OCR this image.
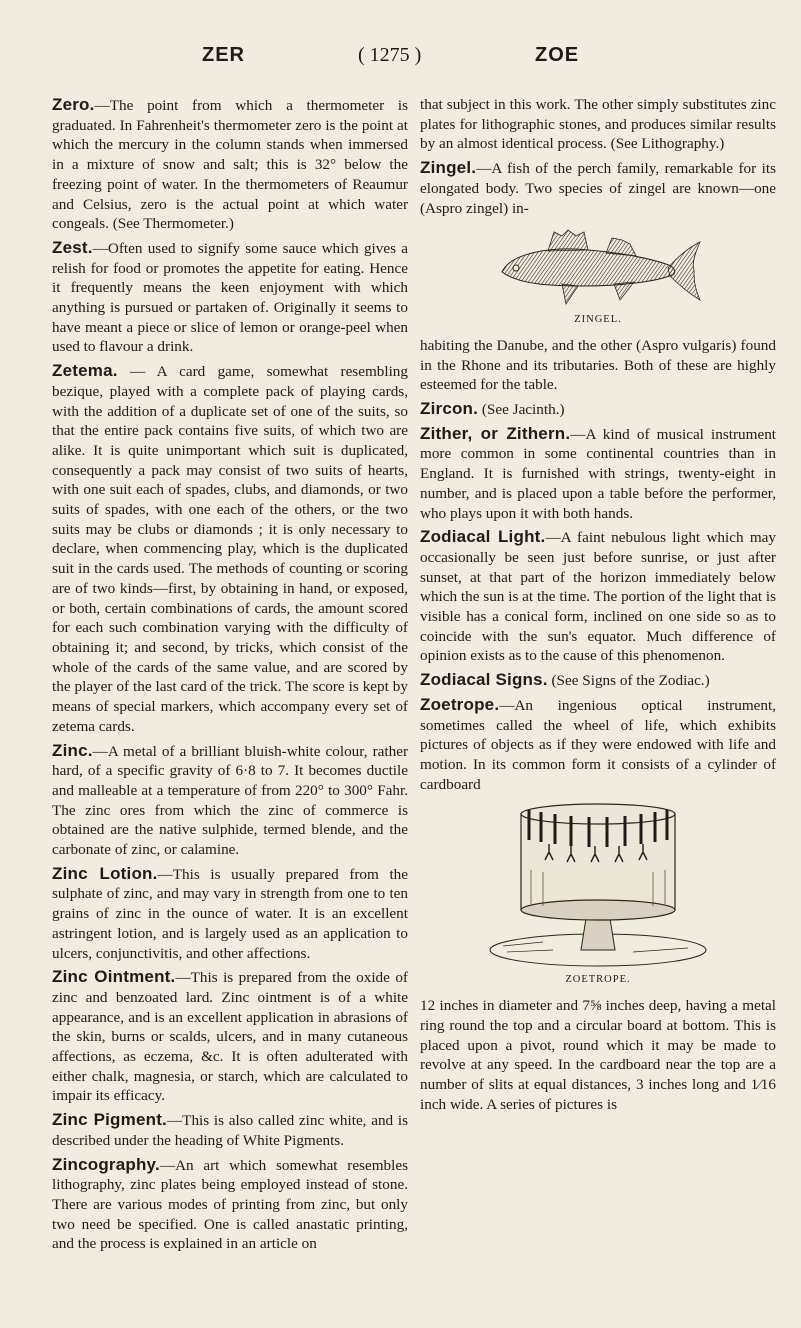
ZER	( 1275 )	ZOE

Zero.—The point from which a thermometer is graduated. In Fahrenheit's thermometer zero is the point at which the mercury in the column stands when immersed in a mixture of snow and salt; this is 32° below the freezing point of water. In the thermometers of Reaumur and Celsius, zero is the actual point at which water congeals. (See Thermometer.)

Zest.—Often used to signify some sauce which gives a relish for food or promotes the appetite for eating. Hence it frequently means the keen enjoyment with which anything is pursued or partaken of. Originally it seems to have meant a piece or slice of lemon or orange-peel when used to flavour a drink.

Zetema. — A card game, somewhat resembling bezique, played with a complete pack of playing cards, with the addition of a duplicate set of one of the suits, so that the entire pack contains five suits, of which two are alike. It is quite unimportant which suit is duplicated, consequently a pack may consist of two suits of hearts, with one suit each of spades, clubs, and diamonds, or two suits of spades, with one each of the others, or the two suits may be clubs or diamonds ; it is only necessary to declare, when commencing play, which is the duplicated suit in the cards used. The methods of counting or scoring are of two kinds—first, by obtaining in hand, or exposed, or both, certain combinations of cards, the amount scored for each such combination varying with the difficulty of obtaining it; and second, by tricks, which consist of the whole of the cards of the same value, and are scored by the player of the last card of the trick. The score is kept by means of special markers, which accompany every set of zetema cards.

Zinc.—A metal of a brilliant bluish-white colour, rather hard, of a specific gravity of 6·8 to 7. It becomes ductile and malleable at a temperature of from 220° to 300° Fahr. The zinc ores from which the zinc of commerce is obtained are the native sulphide, termed blende, and the carbonate of zinc, or calamine.

Zinc Lotion.—This is usually prepared from the sulphate of zinc, and may vary in strength from one to ten grains of zinc in the ounce of water. It is an excellent astringent lotion, and is largely used as an application to ulcers, conjunctivitis, and other affections.

Zinc Ointment.—This is prepared from the oxide of zinc and benzoated lard. Zinc ointment is of a white appearance, and is an excellent application in abrasions of the skin, burns or scalds, ulcers, and in many cutaneous affections, as eczema, &c. It is often adulterated with either chalk, magnesia, or starch, which are calculated to impair its efficacy.

Zinc Pigment.—This is also called zinc white, and is described under the heading of White Pigments.

Zincography.—An art which somewhat resembles lithography, zinc plates being employed instead of stone. There are various modes of printing from zinc, but only two need be specified. One is called anastatic printing, and the process is explained in an article on

that subject in this work. The other simply substitutes zinc plates for lithographic stones, and produces similar results by an almost identical process. (See Lithography.)

Zingel.—A fish of the perch family, remarkable for its elongated body. Two species of zingel are known—one (Aspro zingel) in-

ZINGEL.

habiting the Danube, and the other (Aspro vulgaris) found in the Rhone and its tributaries. Both of these are highly esteemed for the table.

Zircon. (See Jacinth.)

Zither, or Zithern.—A kind of musical instrument more common in some continental countries than in England. It is furnished with strings, twenty-eight in number, and is placed upon a table before the performer, who plays upon it with both hands.

Zodiacal Light.—A faint nebulous light which may occasionally be seen just before sunrise, or just after sunset, at that part of the horizon immediately below which the sun is at the time. The portion of the light that is visible has a conical form, inclined on one side so as to coincide with the sun's equator. Much difference of opinion exists as to the cause of this phenomenon.

Zodiacal Signs. (See Signs of the Zodiac.)

Zoetrope.—An ingenious optical instrument, sometimes called the wheel of life, which exhibits pictures of objects as if they were endowed with life and motion. In its common form it consists of a cylinder of cardboard

ZOETROPE.

12 inches in diameter and 7⅝ inches deep, having a metal ring round the top and a circular board at bottom. This is placed upon a pivot, round which it may be made to revolve at any speed. In the cardboard near the top are a number of slits at equal distances, 3 inches long and 1⁄16 inch wide. A series of pictures is
